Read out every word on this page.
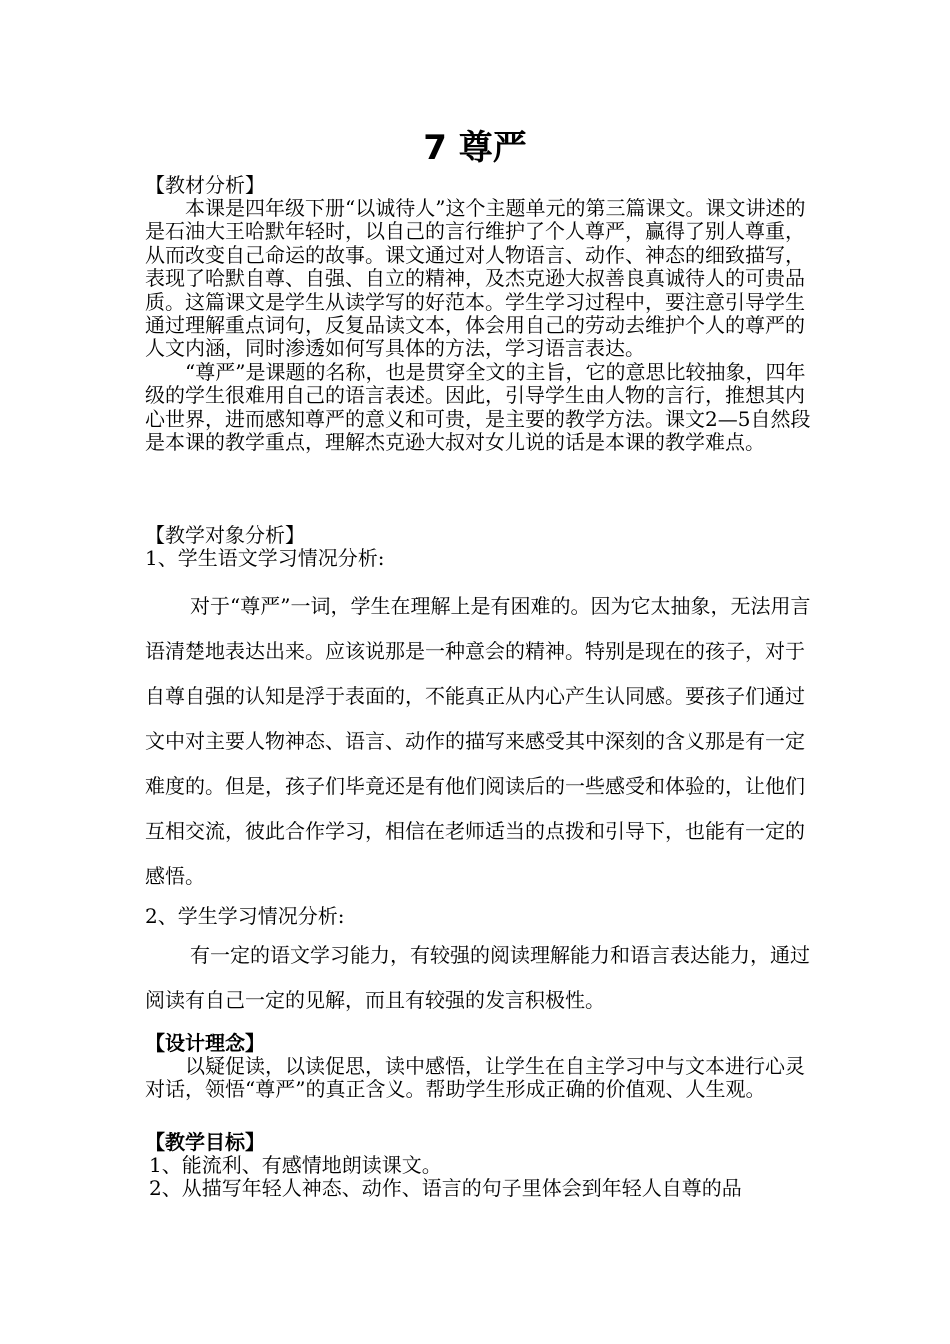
7 尊严

【教材分析】

本课是四年级下册“以诚待人”这个主题单元的第三篇课文。课文讲述的是石油大王哈默年轻时，以自己的言行维护了个人尊严，赢得了别人尊重，从而改变自己命运的故事。课文通过对人物语言、动作、神态的细致描写，表现了哈默自尊、自强、自立的精神，及杰克逊大叔善良真诚待人的可贵品质。这篇课文是学生从读学写的好范本。学生学习过程中，要注意引导学生通过理解重点词句，反复品读文本，体会用自己的劳动去维护个人的尊严的人文内涵，同时渗透如何写具体的方法，学习语言表达。

“尊严”是课题的名称，也是贯穿全文的主旨，它的意思比较抽象，四年级的学生很难用自己的语言表述。因此，引导学生由人物的言行，推想其内心世界，进而感知尊严的意义和可贵，是主要的教学方法。课文2—5自然段是本课的教学重点，理解杰克逊大叔对女儿说的话是本课的教学难点。

【教学对象分析】

1、学生语文学习情况分析:

对于“尊严”一词，学生在理解上是有困难的。因为它太抽象，无法用言语清楚地表达出来。应该说那是一种意会的精神。特别是现在的孩子，对于自尊自强的认知是浮于表面的，不能真正从内心产生认同感。要孩子们通过文中对主要人物神态、语言、动作的描写来感受其中深刻的含义那是有一定难度的。但是，孩子们毕竟还是有他们阅读后的一些感受和体验的，让他们互相交流，彼此合作学习，相信在老师适当的点拨和引导下，也能有一定的感悟。

2、学生学习情况分析:

有一定的语文学习能力，有较强的阅读理解能力和语言表达能力，通过阅读有自己一定的见解，而且有较强的发言积极性。

【设计理念】

以疑促读，以读促思，读中感悟，让学生在自主学习中与文本进行心灵对话，领悟“尊严”的真正含义。帮助学生形成正确的价值观、人生观。

【教学目标】

1、能流利、有感情地朗读课文。

2、从描写年轻人神态、动作、语言的句子里体会到年轻人自尊的品
